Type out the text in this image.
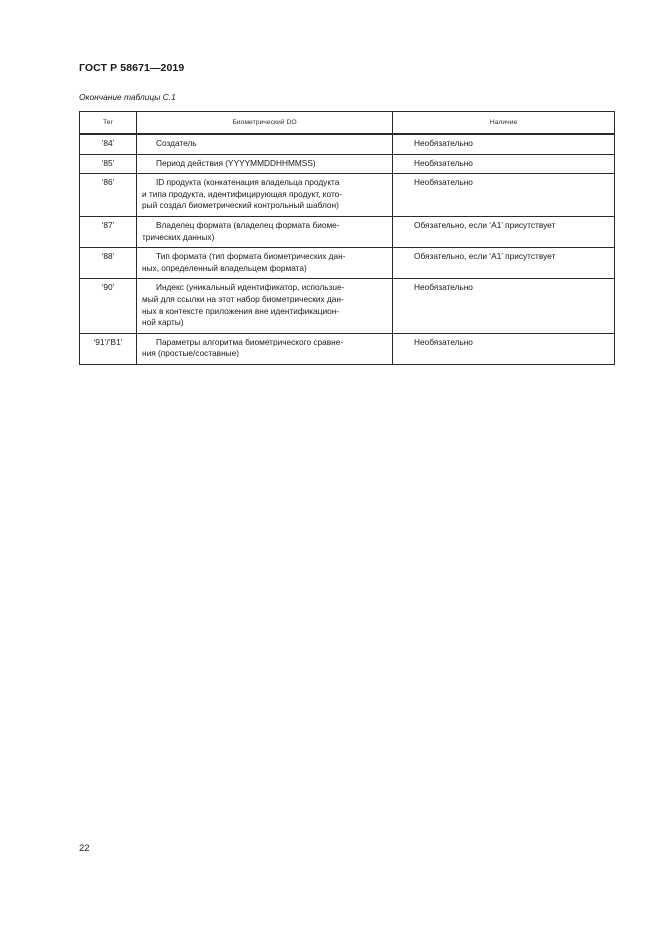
ГОСТ Р 58671—2019
Окончание таблицы С.1
Тег	Биометрический DO	Наличие
‘84’	Создатель	Необязательно
‘85’	Период действия (YYYYMMDDHHMMSS)	Необязательно
‘86’	ID продукта (конкатенация владельца продукта
и типа продукта, идентифицирующая продукт, кото-
рый создал биометрический контрольный шаблон)	Необязательно
‘87’	Владелец формата (владелец формата биоме-
трических данных)	Обязательно, если ‘A1’ присутствует
‘88’	Тип формата (тип формата биометрических дан-
ных, определенный владельцем формата)	Обязательно, если ‘A1’ присутствует
‘90’	Индекс (уникальный идентификатор, использue-
мый для ссылки на этот набор биометрических дан-
ных в контексте приложения вне идентификацион-
ной карты)	Необязательно
‘91’/‘B1’	Параметры алгоритма биометрического сравне-
ния (простые/составные)	Необязательно
22
